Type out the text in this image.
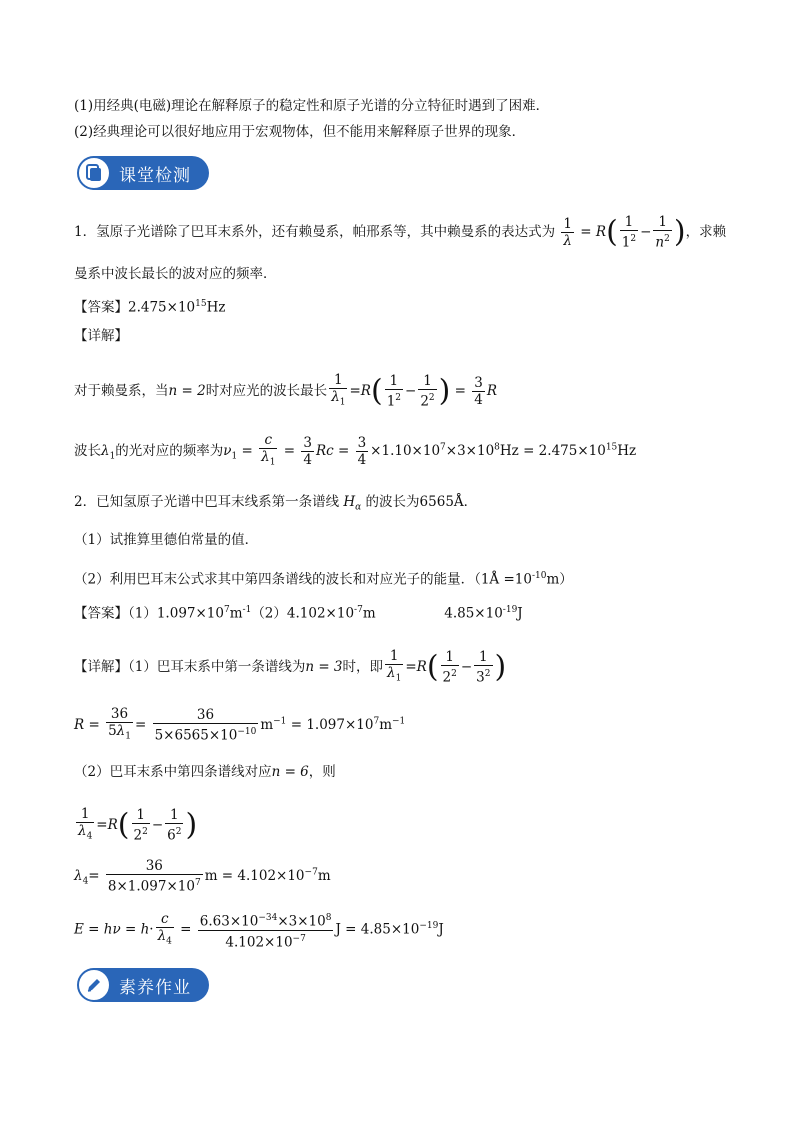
(1)用经典(电磁)理论在解释原子的稳定性和原子光谱的分立特征时遇到了困难．
(2)经典理论可以很好地应用于宏观物体，但不能用来解释原子世界的现象．
课堂检测
1．氢原子光谱除了巴耳末系外，还有赖曼系，帕邢系等，其中赖曼系的表达式为 $\frac{1}{\lambda} = R( \frac{1}{1^2} - \frac{1}{n^2}$ )，求赖
曼系中波长最长的波对应的频率．
【答案】$2.475\times 10^{15}Hz$
【详解】
对于赖曼系，当n = 2时对应光的波长最长 $\frac{1}{\lambda_1} =R( \frac{1}{1^2} - \frac{1}{2^2}$ ) = $\frac{3}{4}$ R
波长$\lambda_1$的光对应的频率为$\nu_1 = \frac{c}{\lambda_1} = \frac{3}{4}$ $Rc = \frac{3}{4} \times 1.10\times 10^7\times 3\times 10^8Hz = 2.475\times 10^{15}Hz$
2．已知氢原子光谱中巴耳末线系第一条谱线 $H_\alpha$ 的波长为6565Å．
（1）试推算里德伯常量的值．
（2）利用巴耳末公式求其中第四条谱线的波长和对应光子的能量．（1Å $=10^{-10}m$）
【答案】$(1)1.097\times 10^7m^{-1}(2)4.102\times 10^{-7}m$	$4.85\times 10^{-19}J$
【详解】（1）巴耳末系中第一条谱线为n = 3时，即 $\frac{1}{\lambda_1} =R( \frac{1}{2^2} - \frac{1}{3^2}$ )
$R = \frac{36}{5\lambda_1} = \frac{36}{5\times 6565\times 10^{-10}} m^{-1} = 1.097\times 10^7m^{-1}$
（2）巴耳末系中第四条谱线对应n = 6，则
$\frac{1}{\lambda_4} =R( \frac{1}{2^2} - \frac{1}{6^2}$ )
$\lambda_4= \frac{36}{8\times 1.097\times 10^7}$ $m = 4.102\times 10^{-7}m$
$E = h\nu = h\cdot \frac{c}{\lambda_4} = \frac{6.63\times 10^{-34}\times 3\times 10^8}{4.102\times 10^{-7}}$ $J = 4.85\times 10^{-19}J$
素养作业
